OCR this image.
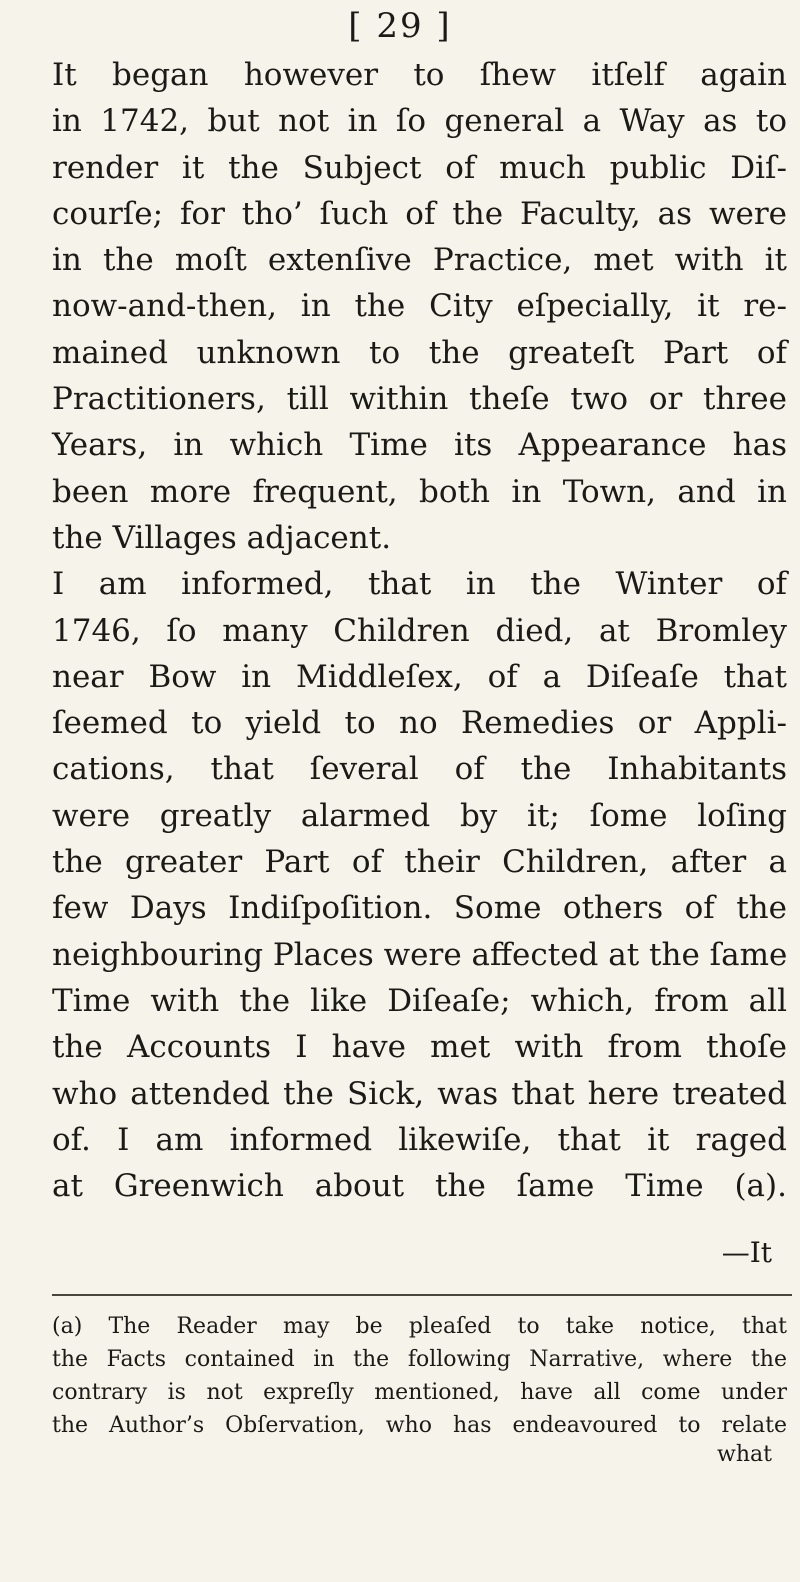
[ 29 ]
It began however to ſhew itſelf again
in 1742, but not in ſo general a Way as to
render it the Subject of much public Diſ-
courſe; for tho’ ſuch of the Faculty, as were
in the moſt extenſive Practice, met with it
now-and-then, in the City eſpecially, it re-
mained unknown to the greateſt Part of
Practitioners, till within theſe two or three
Years, in which Time its Appearance has
been more frequent, both in Town, and in
the Villages adjacent.
I am informed, that in the Winter of
1746, ſo many Children died, at Bromley
near Bow in Middleſex, of a Diſeaſe that
ſeemed to yield to no Remedies or Appli-
cations, that ſeveral of the Inhabitants
were greatly alarmed by it; ſome loſing
the greater Part of their Children, after a
few Days Indiſpoſition. Some others of the
neighbouring Places were affected at the ſame
Time with the like Diſeaſe; which, from all
the Accounts I have met with from thoſe
who attended the Sick, was that here treated
of. I am informed likewiſe, that it raged
at Greenwich about the ſame Time (a).
—It
(a) The Reader may be pleaſed to take notice, that
the Facts contained in the following Narrative, where the
contrary is not expreſly mentioned, have all come under
the Author’s Obſervation, who has endeavoured to relate
what
